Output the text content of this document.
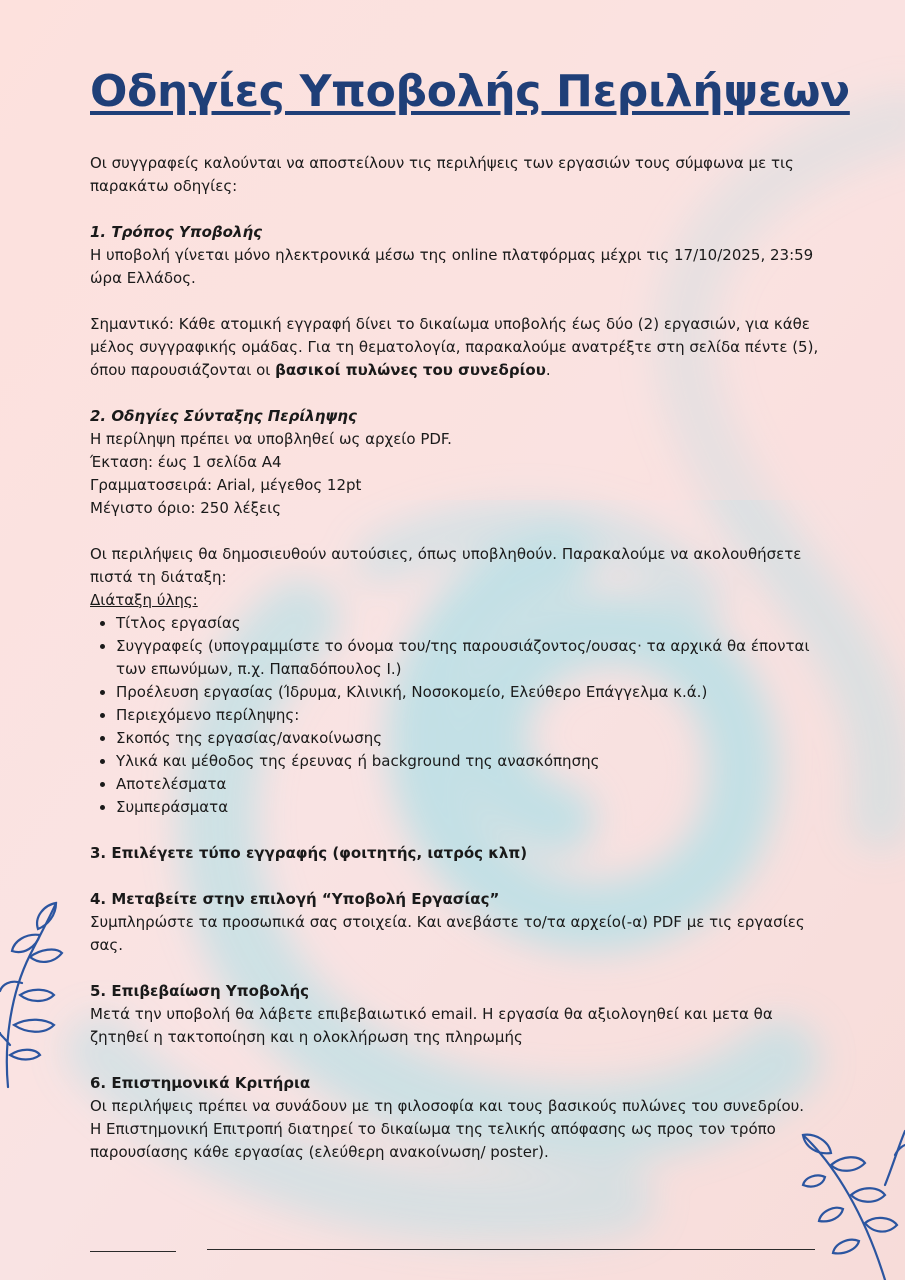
Οδηγίες Υποβολής Περιλήψεων

Οι συγγραφείς καλούνται να αποστείλουν τις περιλήψεις των εργασιών τους σύμφωνα με τις παρακάτω οδηγίες:

1. Τρόπος Υποβολής

Η υποβολή γίνεται μόνο ηλεκτρονικά μέσω της online πλατφόρμας μέχρι τις 17/10/2025, 23:59 ώρα Ελλάδος.

Σημαντικό: Κάθε ατομική εγγραφή δίνει το δικαίωμα υποβολής έως δύο (2) εργασιών, για κάθε μέλος συγγραφικής ομάδας. Για τη θεματολογία, παρακαλούμε ανατρέξτε στη σελίδα πέντε (5), όπου παρουσιάζονται οι βασικοί πυλώνες του συνεδρίου.

2. Οδηγίες Σύνταξης Περίληψης

Η περίληψη πρέπει να υποβληθεί ως αρχείο PDF.

Έκταση: έως 1 σελίδα Α4

Γραμματοσειρά: Arial, μέγεθος 12pt

Μέγιστο όριο: 250 λέξεις

Οι περιλήψεις θα δημοσιευθούν αυτούσιες, όπως υποβληθούν. Παρακαλούμε να ακολουθήσετε πιστά τη διάταξη:

Διάταξη ύλης:

• Τίτλος εργασίας
• Συγγραφείς (υπογραμμίστε το όνομα του/της παρουσιάζοντος/ουσας· τα αρχικά θα έπονται των επωνύμων, π.χ. Παπαδόπουλος Ι.)
• Προέλευση εργασίας (Ίδρυμα, Κλινική, Νοσοκομείο, Ελεύθερο Επάγγελμα κ.ά.)
• Περιεχόμενο περίληψης:
• Σκοπός της εργασίας/ανακοίνωσης
• Υλικά και μέθοδος της έρευνας ή background της ανασκόπησης
• Αποτελέσματα
• Συμπεράσματα

3. Επιλέγετε τύπο εγγραφής (φοιτητής, ιατρός κλπ)

4. Μεταβείτε στην επιλογή “Υποβολή Εργασίας”

Συμπληρώστε τα προσωπικά σας στοιχεία. Και ανεβάστε το/τα αρχείο(-α) PDF με τις εργασίες σας.

5. Επιβεβαίωση Υποβολής

Μετά την υποβολή θα λάβετε επιβεβαιωτικό email. Η εργασία θα αξιολογηθεί και μετα θα ζητηθεί η τακτοποίηση και η ολοκλήρωση της πληρωμής

6. Επιστημονικά Κριτήρια

Οι περιλήψεις πρέπει να συνάδουν με τη φιλοσοφία και τους βασικούς πυλώνες του συνεδρίου.

Η Επιστημονική Επιτροπή διατηρεί το δικαίωμα της τελικής απόφασης ως προς τον τρόπο παρουσίασης κάθε εργασίας (ελεύθερη ανακοίνωση/ poster).
